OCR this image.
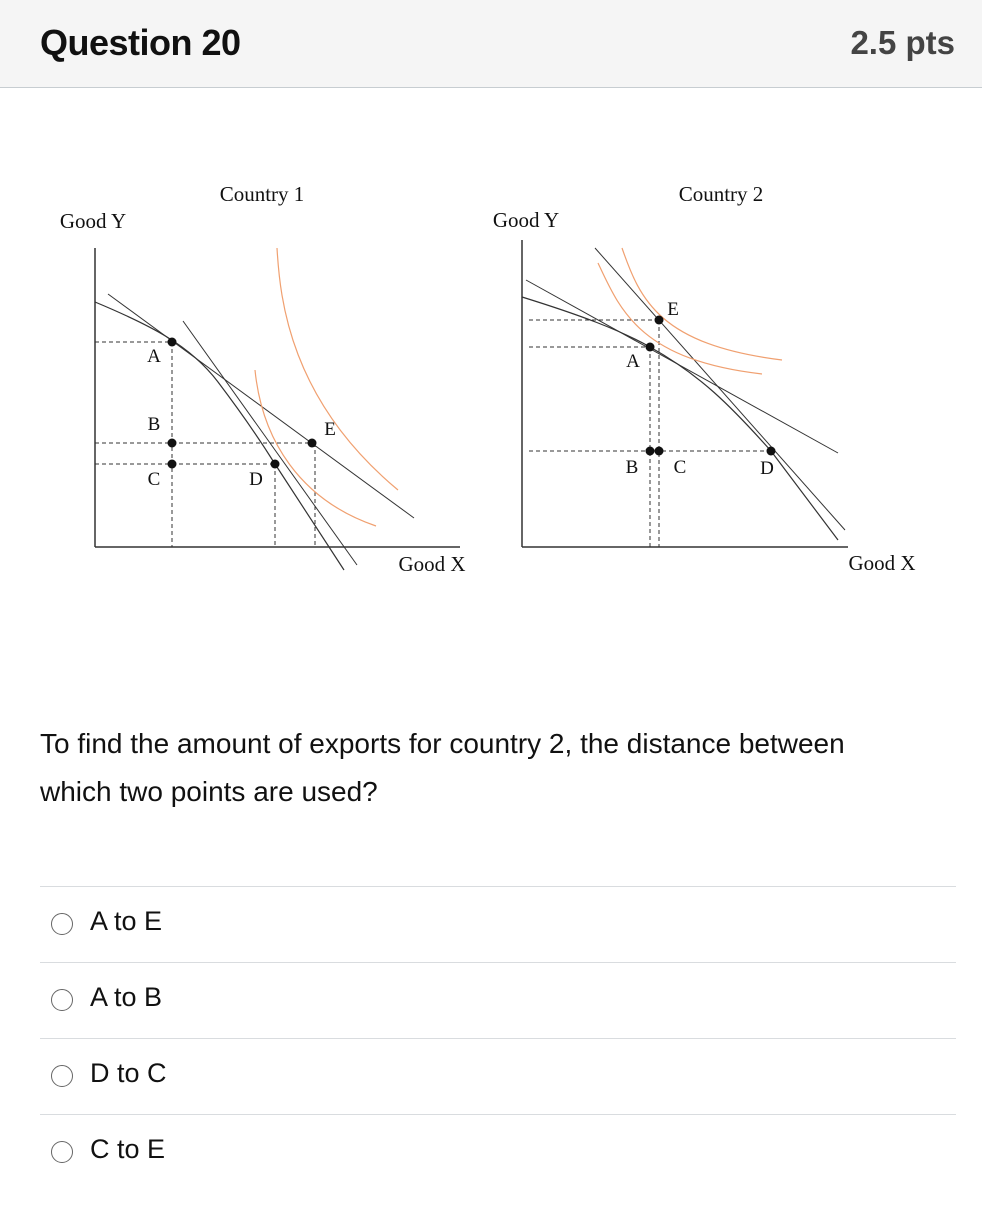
Question 20	2.5 pts
Country 1
Good Y
Good X
A
B
C	D
E
Country 2
Good Y
Good X
A
B C	D
E
To find the amount of exports for country 2, the distance between which two points are used?
A to E
A to B
D to C
C to E
